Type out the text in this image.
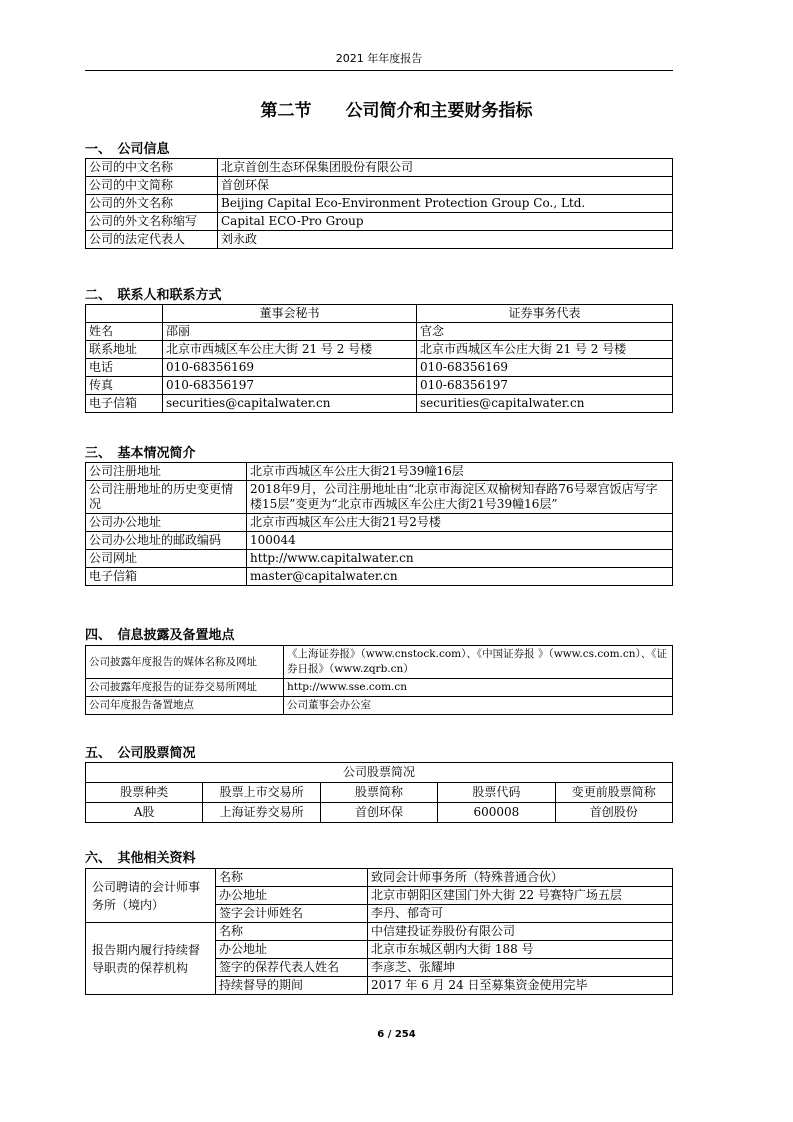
2021 年年度报告
第二节　　公司简介和主要财务指标
一、　公司信息
公司的中文名称	北京首创生态环保集团股份有限公司
公司的中文简称	首创环保
公司的外文名称	Beijing Capital Eco-Environment Protection Group Co., Ltd.
公司的外文名称缩写	Capital ECO-Pro Group
公司的法定代表人	刘永政
二、　联系人和联系方式
	董事会秘书	证券事务代表
姓名	邵丽	官念
联系地址	北京市西城区车公庄大街 21 号 2 号楼	北京市西城区车公庄大街 21 号 2 号楼
电话	010-68356169	010-68356169
传真	010-68356197	010-68356197
电子信箱	securities@capitalwater.cn	securities@capitalwater.cn
三、　基本情况简介
公司注册地址	北京市西城区车公庄大街21号39幢16层
公司注册地址的历史变更情况	2018年9月，公司注册地址由“北京市海淀区双榆树知春路76号翠宫饭店写字楼15层”变更为“北京市西城区车公庄大街21号39幢16层”
公司办公地址	北京市西城区车公庄大街21号2号楼
公司办公地址的邮政编码	100044
公司网址	http://www.capitalwater.cn
电子信箱	master@capitalwater.cn
四、　信息披露及备置地点
公司披露年度报告的媒体名称及网址	《上海证券报》（www.cnstock.com）、《中国证券报 》（www.cs.com.cn）、《证券日报》（www.zqrb.cn）
公司披露年度报告的证券交易所网址	http://www.sse.com.cn
公司年度报告备置地点	公司董事会办公室
五、　公司股票简况
公司股票简况				
股票种类	股票上市交易所	股票简称	股票代码	变更前股票简称
A股	上海证券交易所	首创环保	600008	首创股份
六、　其他相关资料
公司聘请的会计师事务所（境内）	名称	致同会计师事务所（特殊普通合伙）
	办公地址	北京市朝阳区建国门外大街 22 号赛特广场五层
	签字会计师姓名	李丹、郁奇可
报告期内履行持续督导职责的保荐机构	名称	中信建投证券股份有限公司
	办公地址	北京市东城区朝内大街 188 号
	签字的保荐代表人姓名	李彦芝、张耀坤
	持续督导的期间	2017 年 6 月 24 日至募集资金使用完毕
6 / 254
